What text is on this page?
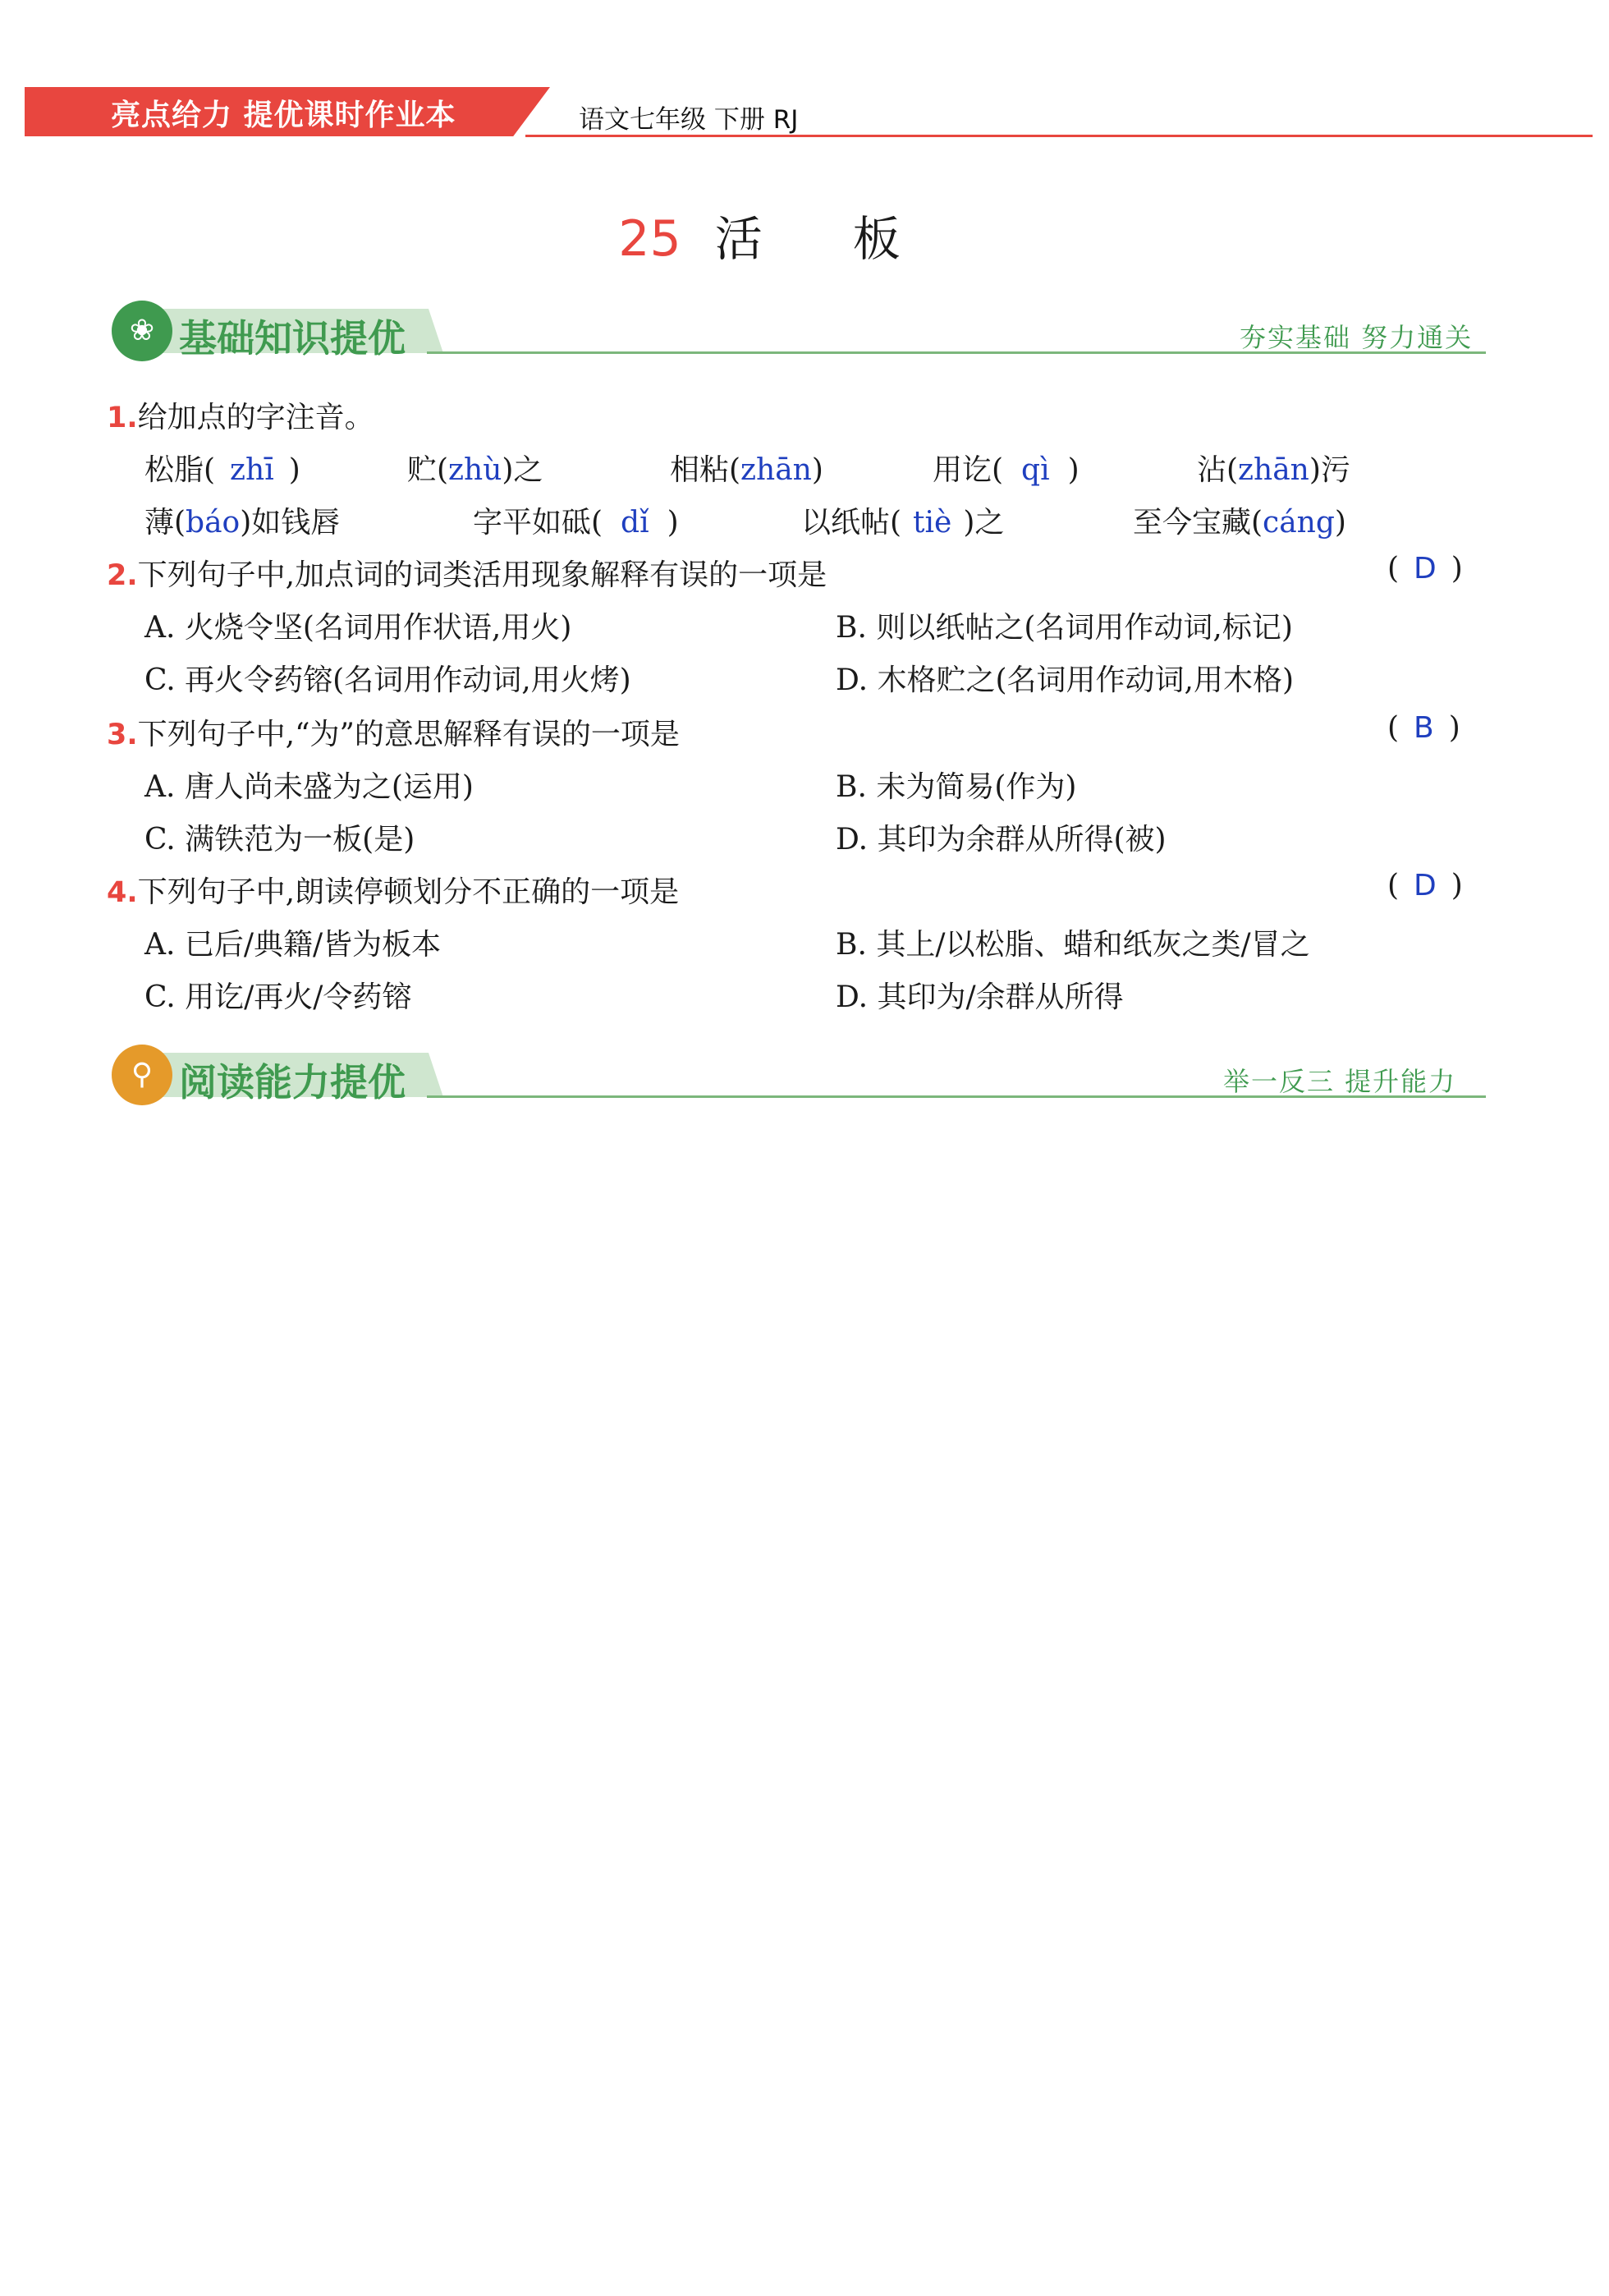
亮点给力 提优课时作业本	语文七年级 下册 RJ
25 活板
❀ 基础知识提优	夯实基础 努力通关
1.给加点的字注音。
松脂( zhī )	贮(zhù)之	相粘(zhān)	用讫( qì )	沾(zhān)污
薄(báo)如钱唇	字平如砥( dǐ )	以纸帖( tiè )之	至今宝藏(cáng)
2.下列句子中,加点词的词类活用现象解释有误的一项是	( D )
A. 火烧令坚(名词用作状语,用火)	B. 则以纸帖之(名词用作动词,标记)
C. 再火令药镕(名词用作动词,用火烤)	D. 木格贮之(名词用作动词,用木格)
3.下列句子中,“为”的意思解释有误的一项是	( B )
A. 唐人尚未盛为之(运用)	B. 未为简易(作为)
C. 满铁范为一板(是)	D. 其印为余群从所得(被)
4.下列句子中,朗读停顿划分不正确的一项是	( D )
A. 已后/典籍/皆为板本	B. 其上/以松脂、蜡和纸灰之类/冒之
C. 用讫/再火/令药镕	D. 其印为/余群从所得
⚲ 阅读能力提优	举一反三 提升能力
